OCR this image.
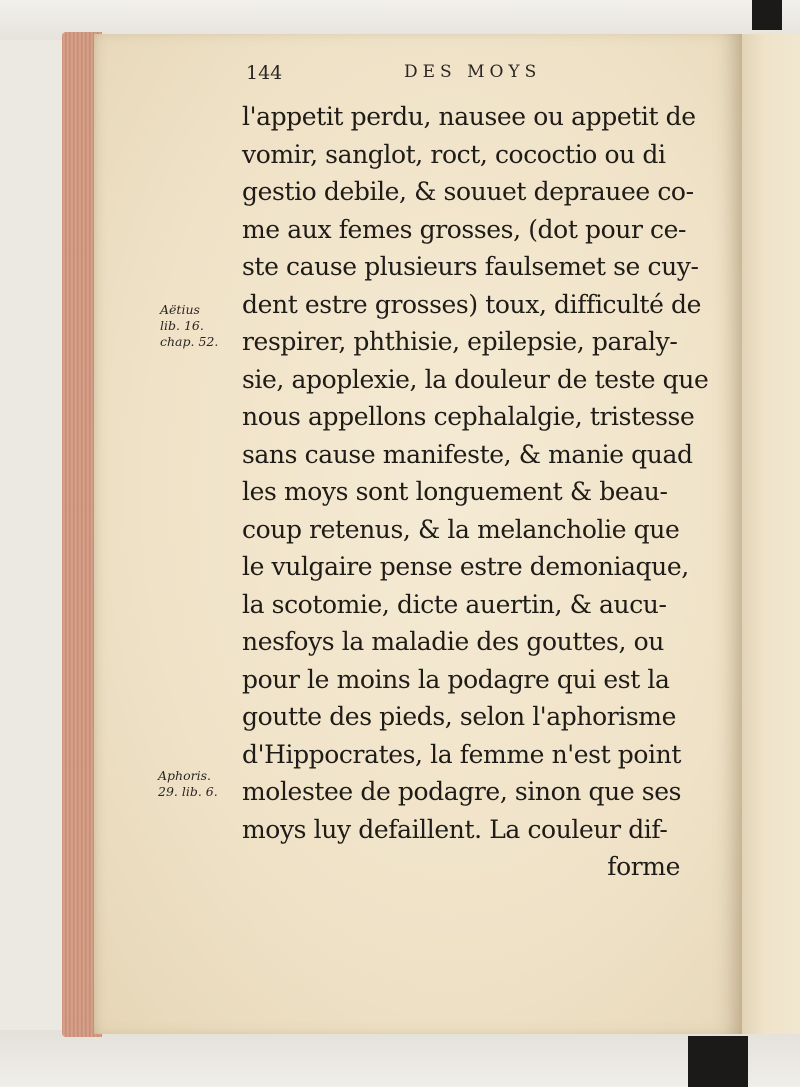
144	DES MOYS
Aëtius
lib. 16.
chap. 52.
Aphoris.
29. lib. 6.
l'appetit perdu, nausee ou appetit de
vomir, sanglot, roct, cococtio ou di
gestio debile, & souuet deprauee co-
me aux femes grosses, (dot pour ce-
ste cause plusieurs faulsemet se cuy-
dent estre grosses) toux, difficulté de
respirer, phthisie, epilepsie, paraly-
sie, apoplexie, la douleur de teste que
nous appellons cephalalgie, tristesse
sans cause manifeste, & manie quad
les moys sont longuement & beau-
coup retenus, & la melancholie que
le vulgaire pense estre demoniaque,
la scotomie, dicte auertin, & aucu-
nesfoys la maladie des gouttes, ou
pour le moins la podagre qui est la
goutte des pieds, selon l'aphorisme
d'Hippocrates, la femme n'est point
molestee de podagre, sinon que ses
moys luy defaillent. La couleur dif-
forme
